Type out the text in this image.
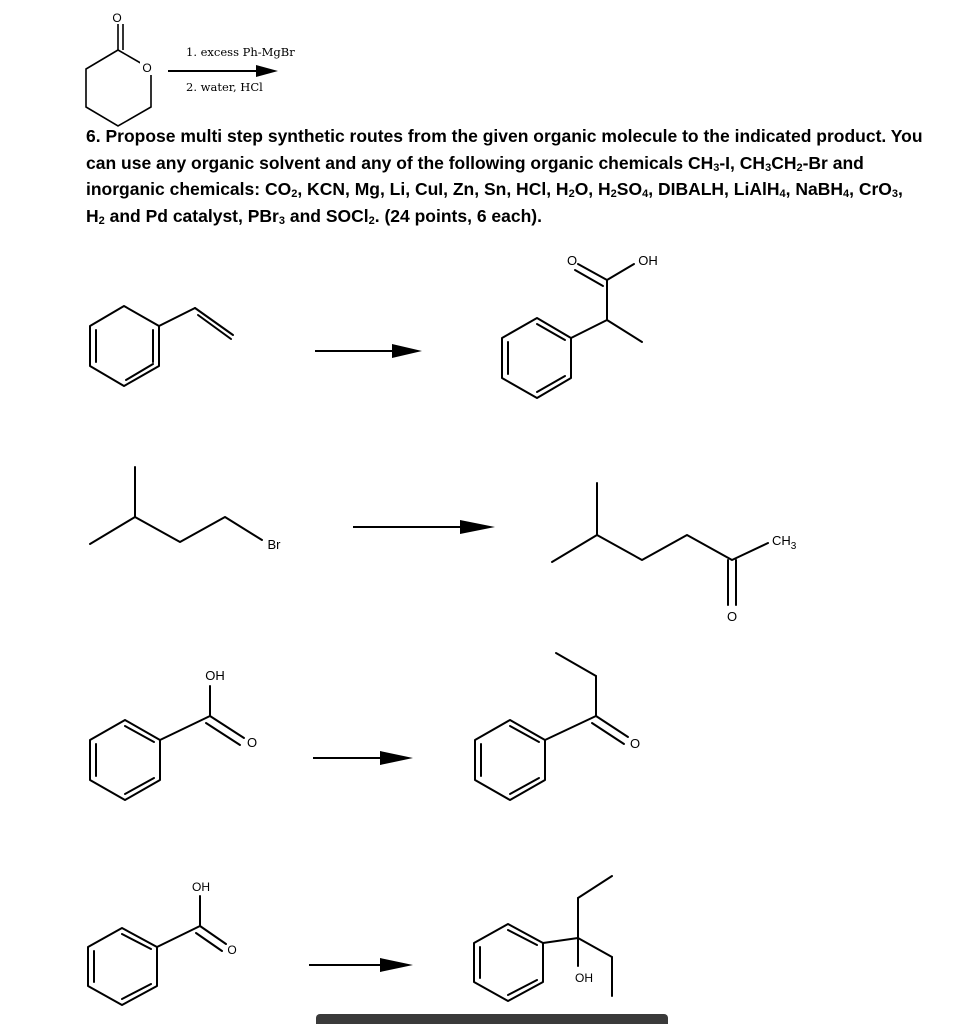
O
O
1. excess Ph-MgBr
2. water, HCl
O	OH
Br	$CH_3$
O
OH
O	O
OH
O
OH
6. Propose multi step synthetic routes from the given organic molecule to the indicated product. You can use any organic solvent and any of the following organic chemicals $CH_3-I$, $CH_3CH_2-Br$ and inorganic chemicals: $CO_2$, KCN, Mg, Li, CuI, Zn, Sn, HCl, $H_2O$, $H_2SO_4$, DIBALH, LiAlH$_4$, NaBH$_4$, CrO$_3$, $H_2$ and Pd catalyst, PBr$_3$ and SOCl$_2$. (24 points, 6 each).
